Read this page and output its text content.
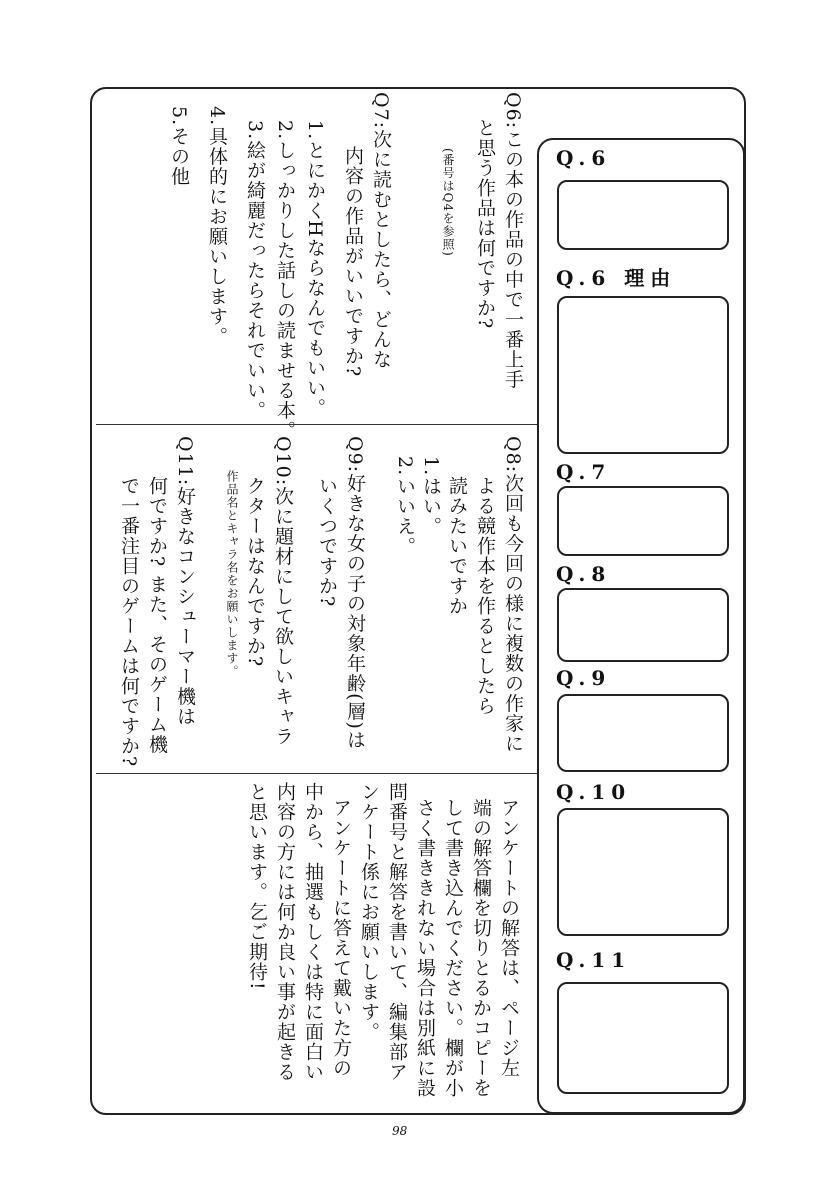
Q6:この本の作品の中で一番上手
と思う作品は何ですか?
(番号はQ4を参照)
Q7:次に読むとしたら、どんな
内容の作品がいいですか?
1.とにかくHならなんでもいい。
2.しっかりした話しの読ませる本。
3.絵が綺麗だったらそれでいい。
4.具体的にお願いします。
5.その他
Q8:次回も今回の様に複数の作家に
よる競作本を作るとしたら
読みたいですか
1.はい。
2.いいえ。
Q9:好きな女の子の対象年齢(層)は
いくつですか?
Q10:次に題材にして欲しいキャラ
クターはなんですか?
作品名とキャラ名をお願いします。
Q11:好きなコンシューマー機は
何ですか? また、そのゲーム機
で一番注目のゲームは何ですか?
アンケートの解答は、ページ左
端の解答欄を切りとるかコピーを
して書き込んでください。欄が小
さく書ききれない場合は別紙に設
問番号と解答を書いて、編集部ア
ンケート係にお願いします。
アンケートに答えて戴いた方の
中から、抽選もしくは特に面白い
内容の方には何か良い事が起きる
と思います。乞ご期待!
Q.6
Q.6 理由
Q.7
Q.8
Q.9
Q.10
Q.11
98
